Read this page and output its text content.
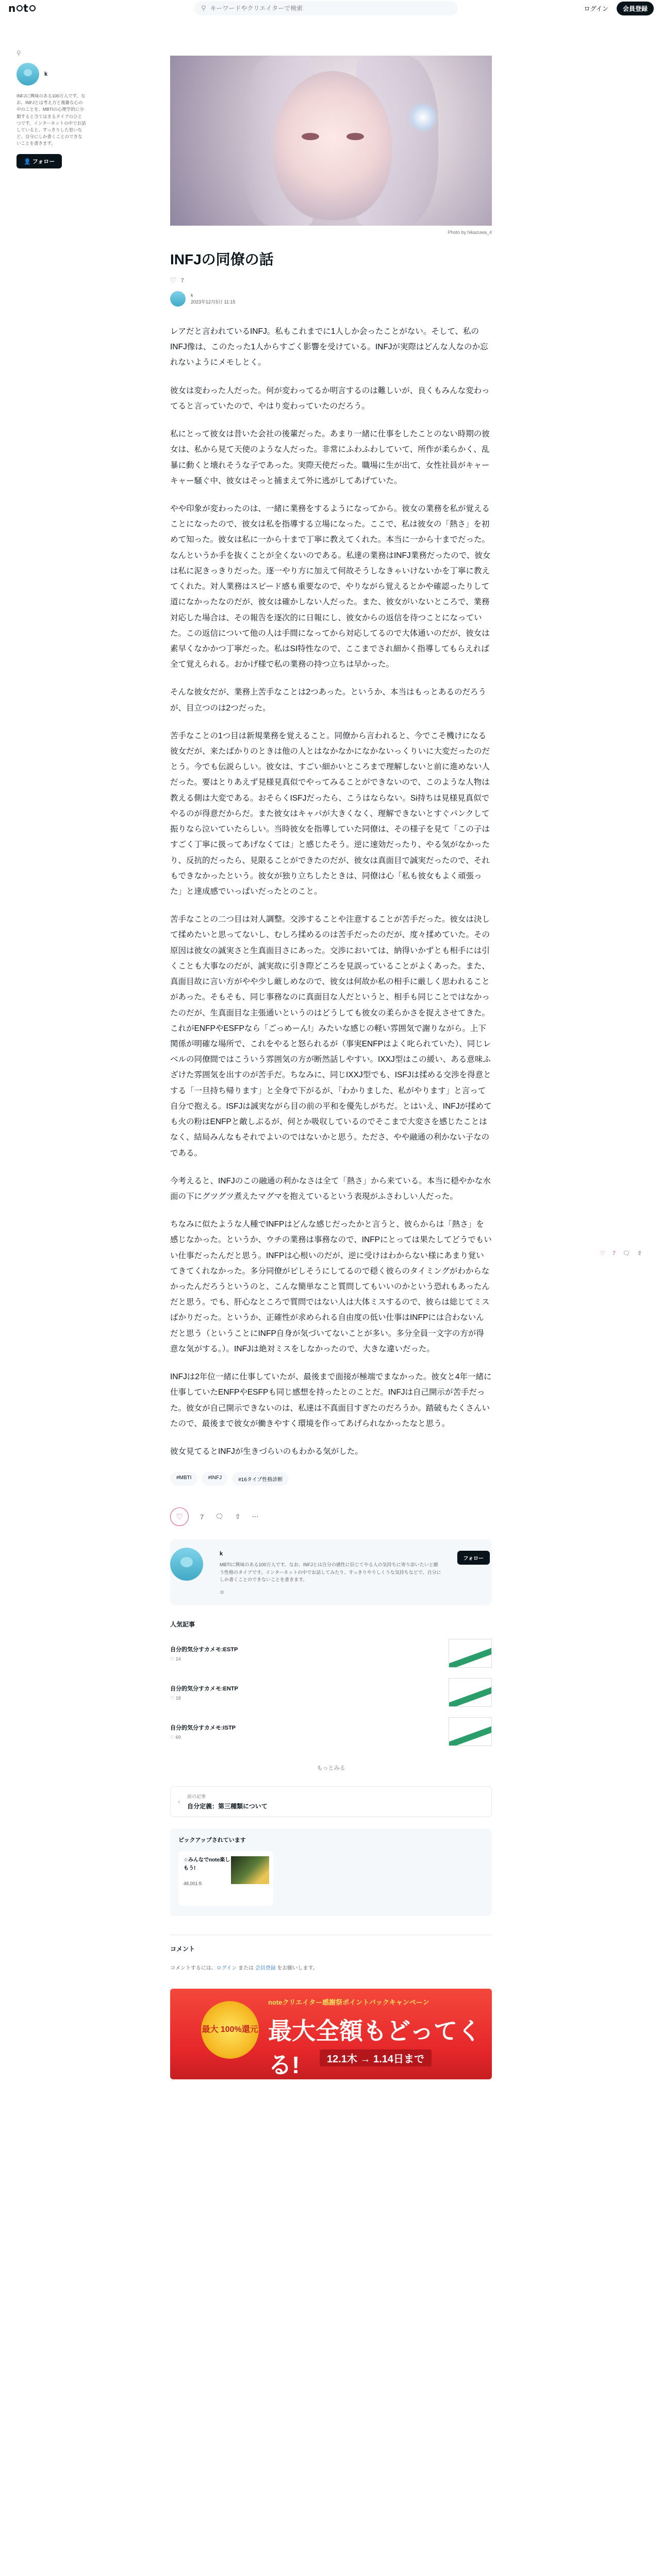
n t	⚲
キーワードやクリエイターで検索	ログイン	会員登録
⚲
k
INFJに興味のある100万人です。なお、INFJとは考え方と複雑な心の中のことを、MBTIの心理学的に分類すると当てはまるタイプのひとつです。インターネットの中でお話していると、すっきりした思いなど、自分にしか書くことのできないことを書きます。
👤 フォロー
Photo by hikazuwa_4
INFJの同僚の話
♡ 7
k
2023年12月5日 11:15

レアだと言われているINFJ。私もこれまでに1人しか会ったことがない。そして、私のINFJ像は、このたった1人からすごく影響を受けている。INFJが実際はどんな人なのか忘れないようにメモしとく。

彼女は変わった人だった。何が変わってるか明言するのは難しいが、良くもみんな変わってると言っていたので、やはり変わっていたのだろう。

私にとって彼女は昔いた会社の後輩だった。あまり一緒に仕事をしたことのない時期の彼女は、私から見て天使のような人だった。非常にふわふわしていて、所作が柔らかく、乱暴に動くと壊れそうな子であった。実際天使だった。職場に生が出て、女性社員がキャーキャー騒ぐ中、彼女はそっと捕まえて外に逃がしてあげていた。

やや印象が変わったのは、一緒に業務をするようになってから。彼女の業務を私が覚えることになったので、彼女は私を指導する立場になった。ここで、私は彼女の「熱さ」を初めて知った。彼女は私に一から十まで丁寧に教えてくれた。本当に一から十までだった。なんというか手を抜くことが全くないのである。私達の業務はINFJ業務だったので、彼女は私に泥きっきりだった。逐一やり方に加えて何故そうしなきゃいけないかを丁寧に教えてくれた。対人業務はスピード感も重要なので、やりながら覚えるとかや確認ったりして道になかったなのだが、彼女は確かしない人だった。また、彼女がいないところで、業務対応した場合は、その報告を逐次的に日報にし、彼女からの返信を待つことになっていた。この返信について他の人は手間になってから対応してるので大体通いのだが、彼女は素早くなかかつ丁寧だった。私はSI特性なので、ここまでされ細かく指導してもらえれば全て覚えられる。おかげ様で私の業務の持つ立ちは早かった。

そんな彼女だが、業務上苦手なことは2つあった。というか、本当はもっとあるのだろうが、目立つのは2つだった。

苦手なことの1つ目は新規業務を覚えること。同僚から言われると、今でこそ機けになる彼女だが、来たばかりのときは他の人とはなかなかになかないっくりいに大変だったのだとう。今でも伝説らしい。彼女は、すごい細かいところまで理解しないと前に進めない人だった。要はとりあえず見様見真似でやってみることができないので、このような人物は教える側は大変である。おそらくISFJだったら、こうはならない。Si持ちは見様見真似でやるのが得意だからだ。また彼女はキャパが大きくなく、理解できないとすぐパンクして振りなら泣いていたらしい。当時彼女を指導していた同僚は、その様子を見て「この子はすごく丁寧に扱ってあげなくては」と感じたそう。逆に速効だったり、やる気がなかったり、反抗的だったら、見限ることができたのだが、彼女は真面目で誠実だったので、それもできなかったという。彼女が独り立ちしたときは、同僚は心「私も彼女もよく頑張った」と達成感でいっぱいだったとのこと。

苦手なことの二つ目は対人調整。交渉することや注意することが苦手だった。彼女は決して揉めたいと思ってないし、むしろ揉めるのは苦手だったのだが、度々揉めていた。その原因は彼女の誠実さと生真面目さにあった。交渉においては、納得いかずとも相手には引くことも大事なのだが、誠実故に引き際どころを見誤っていることがよくあった。また、真面目故に言い方がやや少し厳しめなので、彼女は何故か私の相手に厳しく思われることがあった。そもそも、同じ事務なのに真面目な人だというと、相手も同じことではなかったのだが、生真面目な主張通いというのはどうしても彼女の柔らかさを捉えさせてきた。これがENFPやESFPなら「ごっめーん!」みたいな感じの軽い雰囲気で謝りながら。上下関係が明確な場所で、これをやると怒られるが（事実ENFPはよく叱られていた）、同じレベルの同僚間ではこういう雰囲気の方が断然話しやすい。IXXJ型はこの緩い、ある意味ふざけた雰囲気を出すのが苦手だ。ちなみに、同じIXXJ型でも、ISFJは揉める交渉を得意とする「一旦持ち帰ります」と全身で下がるが、「わかりました、私がやります」と言って自分で抱える。ISFJは誠実ながら目の前の平和を優先しがちだ。とはいえ、INFJが揉めても火の粉はENFPと敵しぶるが、何とか吸収しているのでそこまで大変さを感じたことはなく、結局みんなもそれでよいのではないかと思う。たださ、やや融通の利かない子なのである。

今考えると、INFJのこの融通の利かなさは全て「熱さ」から来ている。本当に穏やかな水面の下にグツグツ煮えたマグマを抱えているという表現がふさわしい人だった。

ちなみに似たような人種でINFPはどんな感じだったかと言うと、彼らからは「熱さ」を感じなかった。というか、ウチの業務は事務なので、INFPにとっては果たしてどうでもいい仕事だったんだと思う。INFPは心根いのだが、逆に受けはわからない様にあまり覚いてきてくれなかった。多分同僚がピしそうにしてるので穏く彼らのタイミングがわからなかったんだろうというのと、こんな簡単なこと質問してもいいのかという恐れもあったんだと思う。でも、肝心なところで質問ではない人は大体ミスするので、彼らは総じてミスばかりだった。というか、正確性が求められる自由度の低い仕事はINFPには合わないんだと思う（ということにINFP自身が気づいてないことが多い。多分全員一文字の方が得意な気がする。）。INFJは絶対ミスをしなかったので、大きな違いだった。

INFJは2年位一緒に仕事していたが、最後まで面接が極端でまなかった。彼女と4年一緒に仕事していたENFPやESFPも同じ感想を持ったとのことだ。INFJは自己開示が苦手だった。彼女が自己開示できないのは、私達は不真面目すぎたのだろうか。踏破もたくさんいたので、最後まで彼女が働きやすく環境を作ってあげられなかったなと思う。

彼女見てるとINFJが生きづらいのもわかる気がした。

#MBTI	#INFJ	#16タイプ性格診断
♡	7 🗨 ⇧ ⋯
k
MBTIに興味のある100万人です。なお、INFJとは自分の感性に信じてやる人の気持ちに寄り添いたいと願う性格のタイプです。インターネットの中でお話してみたり、すっきりやりしくうな気持ちなどで、自分にしか書くことのできないことを書きます。
フォロー
≋
人気記事
自分的気分すカメモ:ESTP
♡ 14
自分的気分すカメモ:ENTP
♡ 18
自分的気分すカメモ:ISTP
♡ 69
もっとみる
‹
前の記事
自分定義：第三種類について
ピックアップされています
☆みんなでnote楽しもう!
48,001本
コメント
コメントするには、ログイン または 会員登録 をお願いします。
最大 100%還元
noteクリエイター感謝祭ポイントバックキャンペーン
最大全額もどってくる!	12.1木 → 1.14日まで
♡ 7 🗨 ⇧
